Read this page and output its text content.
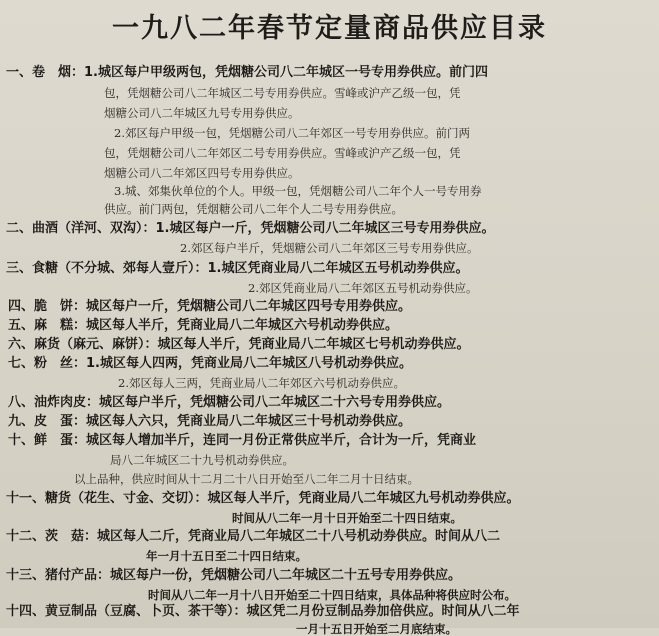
一九八二年春节定量商品供应目录
一、卷　烟：1.城区每户甲级两包，凭烟糖公司八二年城区一号专用券供应。前门四
包，凭烟糖公司八二年城区二号专用券供应。雪峰或沪产乙级一包，凭
烟糖公司八二年城区九号专用券供应。
2.郊区每户甲级一包，凭烟糖公司八二年郊区一号专用券供应。前门两
包，凭烟糖公司八二年郊区二号专用券供应。雪峰或沪产乙级一包，凭
烟糖公司八二年郊区四号专用券供应。
3.城、郊集伙单位的个人。甲级一包，凭烟糖公司八二年个人一号专用券
供应。前门两包，凭烟糖公司八二年个人二号专用券供应。
二、曲酒（洋河、双沟）：1.城区每户一斤，凭烟糖公司八二年城区三号专用券供应。
2.郊区每户半斤，凭烟糖公司八二年郊区三号专用券供应。
三、食糖（不分城、郊每人壹斤）：1.城区凭商业局八二年城区五号机动券供应。
2.郊区凭商业局八二年郊区五号机动券供应。
四、脆　饼：城区每户一斤，凭烟糖公司八二年城区四号专用券供应。
五、麻　糕：城区每人半斤，凭商业局八二年城区六号机动券供应。
六、麻货（麻元、麻饼）：城区每人半斤，凭商业局八二年城区七号机动券供应。
七、粉　丝：1.城区每人四两，凭商业局八二年城区八号机动券供应。
2.郊区每人三两，凭商业局八二年郊区六号机动券供应。
八、油炸肉皮：城区每户半斤，凭烟糖公司八二年城区二十六号专用券供应。
九、皮　蛋：城区每人六只，凭商业局八二年城区三十号机动券供应。
十、鲜　蛋：城区每人增加半斤，连同一月份正常供应半斤，合计为一斤，凭商业
局八二年城区二十九号机动券供应。
以上品种，供应时间从十二月二十八日开始至八二年二月十日结束。
十一、糖货（花生、寸金、交切）：城区每人半斤，凭商业局八二年城区九号机动券供应。
时间从八二年一月十日开始至二十四日结束。
十二、茨　菇：城区每人二斤，凭商业局八二年城区二十八号机动券供应。时间从八二
年一月十五日至二十四日结束。
十三、猪付产品：城区每户一份，凭烟糖公司八二年城区二十五号专用券供应。
时间从八二年一月十八日开始至二十四日结束，具体品种将供应时公布。
十四、黄豆制品（豆腐、卜页、茶干等）：城区凭二月份豆制品券加倍供应。时间从八二年
一月十五日开始至二月底结束。
